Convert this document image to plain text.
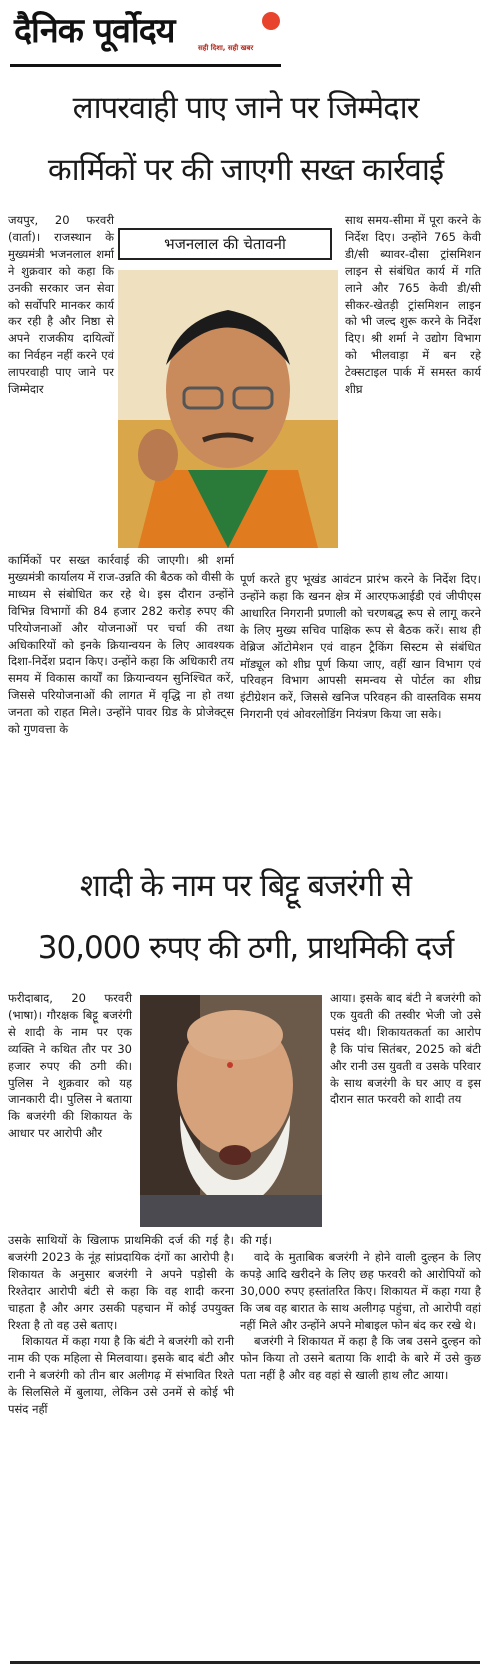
दैनिक पूर्वोदय	सही दिशा, सही खबर
लापरवाही पाए जाने पर जिम्मेदार
कार्मिकों पर की जाएगी सख्त कार्रवाई

जयपुर, 20 फरवरी (वार्ता)। राजस्थान के मुख्यमंत्री भजनलाल शर्मा ने शुक्रवार को कहा कि उनकी सरकार जन सेवा को सर्वोपरि मानकर कार्य कर रही है और निष्ठा से अपने राजकीय दायित्वों का निर्वहन नहीं करने एवं लापरवाही पाए जाने पर जिम्मेदार

भजनलाल की चेतावनी

साथ समय-सीमा में पूरा करने के निर्देश दिए। उन्होंने 765 केवी डी/सी ब्यावर-दौसा ट्रांसमिशन लाइन से संबंधित कार्य में गति लाने और 765 केवी डी/सी सीकर-खेतड़ी ट्रांसमिशन लाइन को भी जल्द शुरू करने के निर्देश दिए। श्री शर्मा ने उद्योग विभाग को भीलवाड़ा में बन रहे टेक्सटाइल पार्क में समस्त कार्य शीघ्र

कार्मिकों पर सख्त कार्रवाई की जाएगी। श्री शर्मा मुख्यमंत्री कार्यालय में राज-उन्नति की बैठक को वीसी के माध्यम से संबोधित कर रहे थे। इस दौरान उन्होंने विभिन्न विभागों की 84 हजार 282 करोड़ रुपए की परियोजनाओं और योजनाओं पर चर्चा की तथा अधिकारियों को इनके क्रियान्वयन के लिए आवश्यक दिशा-निर्देश प्रदान किए। उन्होंने कहा कि अधिकारी तय समय में विकास कार्यों का क्रियान्वयन सुनिश्चित करें, जिससे परियोजनाओं की लागत में वृद्धि ना हो तथा जनता को राहत मिले। उन्होंने पावर ग्रिड के प्रोजेक्ट्स को गुणवत्ता के

पूर्ण करते हुए भूखंड आवंटन प्रारंभ करने के निर्देश दिए। उन्होंने कहा कि खनन क्षेत्र में आरएफआईडी एवं जीपीएस आधारित निगरानी प्रणाली को चरणबद्ध रूप से लागू करने के लिए मुख्य सचिव पाक्षिक रूप से बैठक करें। साथ ही वेब्रिज ऑटोमेशन एवं वाहन ट्रैकिंग सिस्टम से संबंधित मॉड्यूल को शीघ्र पूर्ण किया जाए, वहीं खान विभाग एवं परिवहन विभाग आपसी समन्वय से पोर्टल का शीघ्र इंटीग्रेशन करें, जिससे खनिज परिवहन की वास्तविक समय निगरानी एवं ओवरलोडिंग नियंत्रण किया जा सके।

शादी के नाम पर बिट्टू बजरंगी से
30,000 रुपए की ठगी, प्राथमिकी दर्ज

फरीदाबाद, 20 फरवरी (भाषा)। गौरक्षक बिट्टू बजरंगी से शादी के नाम पर एक व्यक्ति ने कथित तौर पर 30 हजार रुपए की ठगी की। पुलिस ने शुक्रवार को यह जानकारी दी। पुलिस ने बताया कि बजरंगी की शिकायत के आधार पर आरोपी और

आया। इसके बाद बंटी ने बजरंगी को एक युवती की तस्वीर भेजी जो उसे पसंद थी। शिकायतकर्ता का आरोप है कि पांच सितंबर, 2025 को बंटी और रानी उस युवती व उसके परिवार के साथ बजरंगी के घर आए व इस दौरान सात फरवरी को शादी तय

उसके साथियों के खिलाफ प्राथमिकी दर्ज की गई है। बजरंगी 2023 के नूंह सांप्रदायिक दंगों का आरोपी है। शिकायत के अनुसार बजरंगी ने अपने पड़ोसी के रिश्तेदार आरोपी बंटी से कहा कि वह शादी करना चाहता है और अगर उसकी पहचान में कोई उपयुक्त रिश्ता है तो वह उसे बताए।

शिकायत में कहा गया है कि बंटी ने बजरंगी को रानी नाम की एक महिला से मिलवाया। इसके बाद बंटी और रानी ने बजरंगी को तीन बार अलीगढ़ में संभावित रिश्ते के सिलसिले में बुलाया, लेकिन उसे उनमें से कोई भी पसंद नहीं

की गई।

वादे के मुताबिक बजरंगी ने होने वाली दुल्हन के लिए कपड़े आदि खरीदने के लिए छह फरवरी को आरोपियों को 30,000 रुपए हस्तांतरित किए। शिकायत में कहा गया है कि जब वह बारात के साथ अलीगढ़ पहुंचा, तो आरोपी वहां नहीं मिले और उन्होंने अपने मोबाइल फोन बंद कर रखे थे।

बजरंगी ने शिकायत में कहा है कि जब उसने दुल्हन को फोन किया तो उसने बताया कि शादी के बारे में उसे कुछ पता नहीं है और वह वहां से खाली हाथ लौट आया।
